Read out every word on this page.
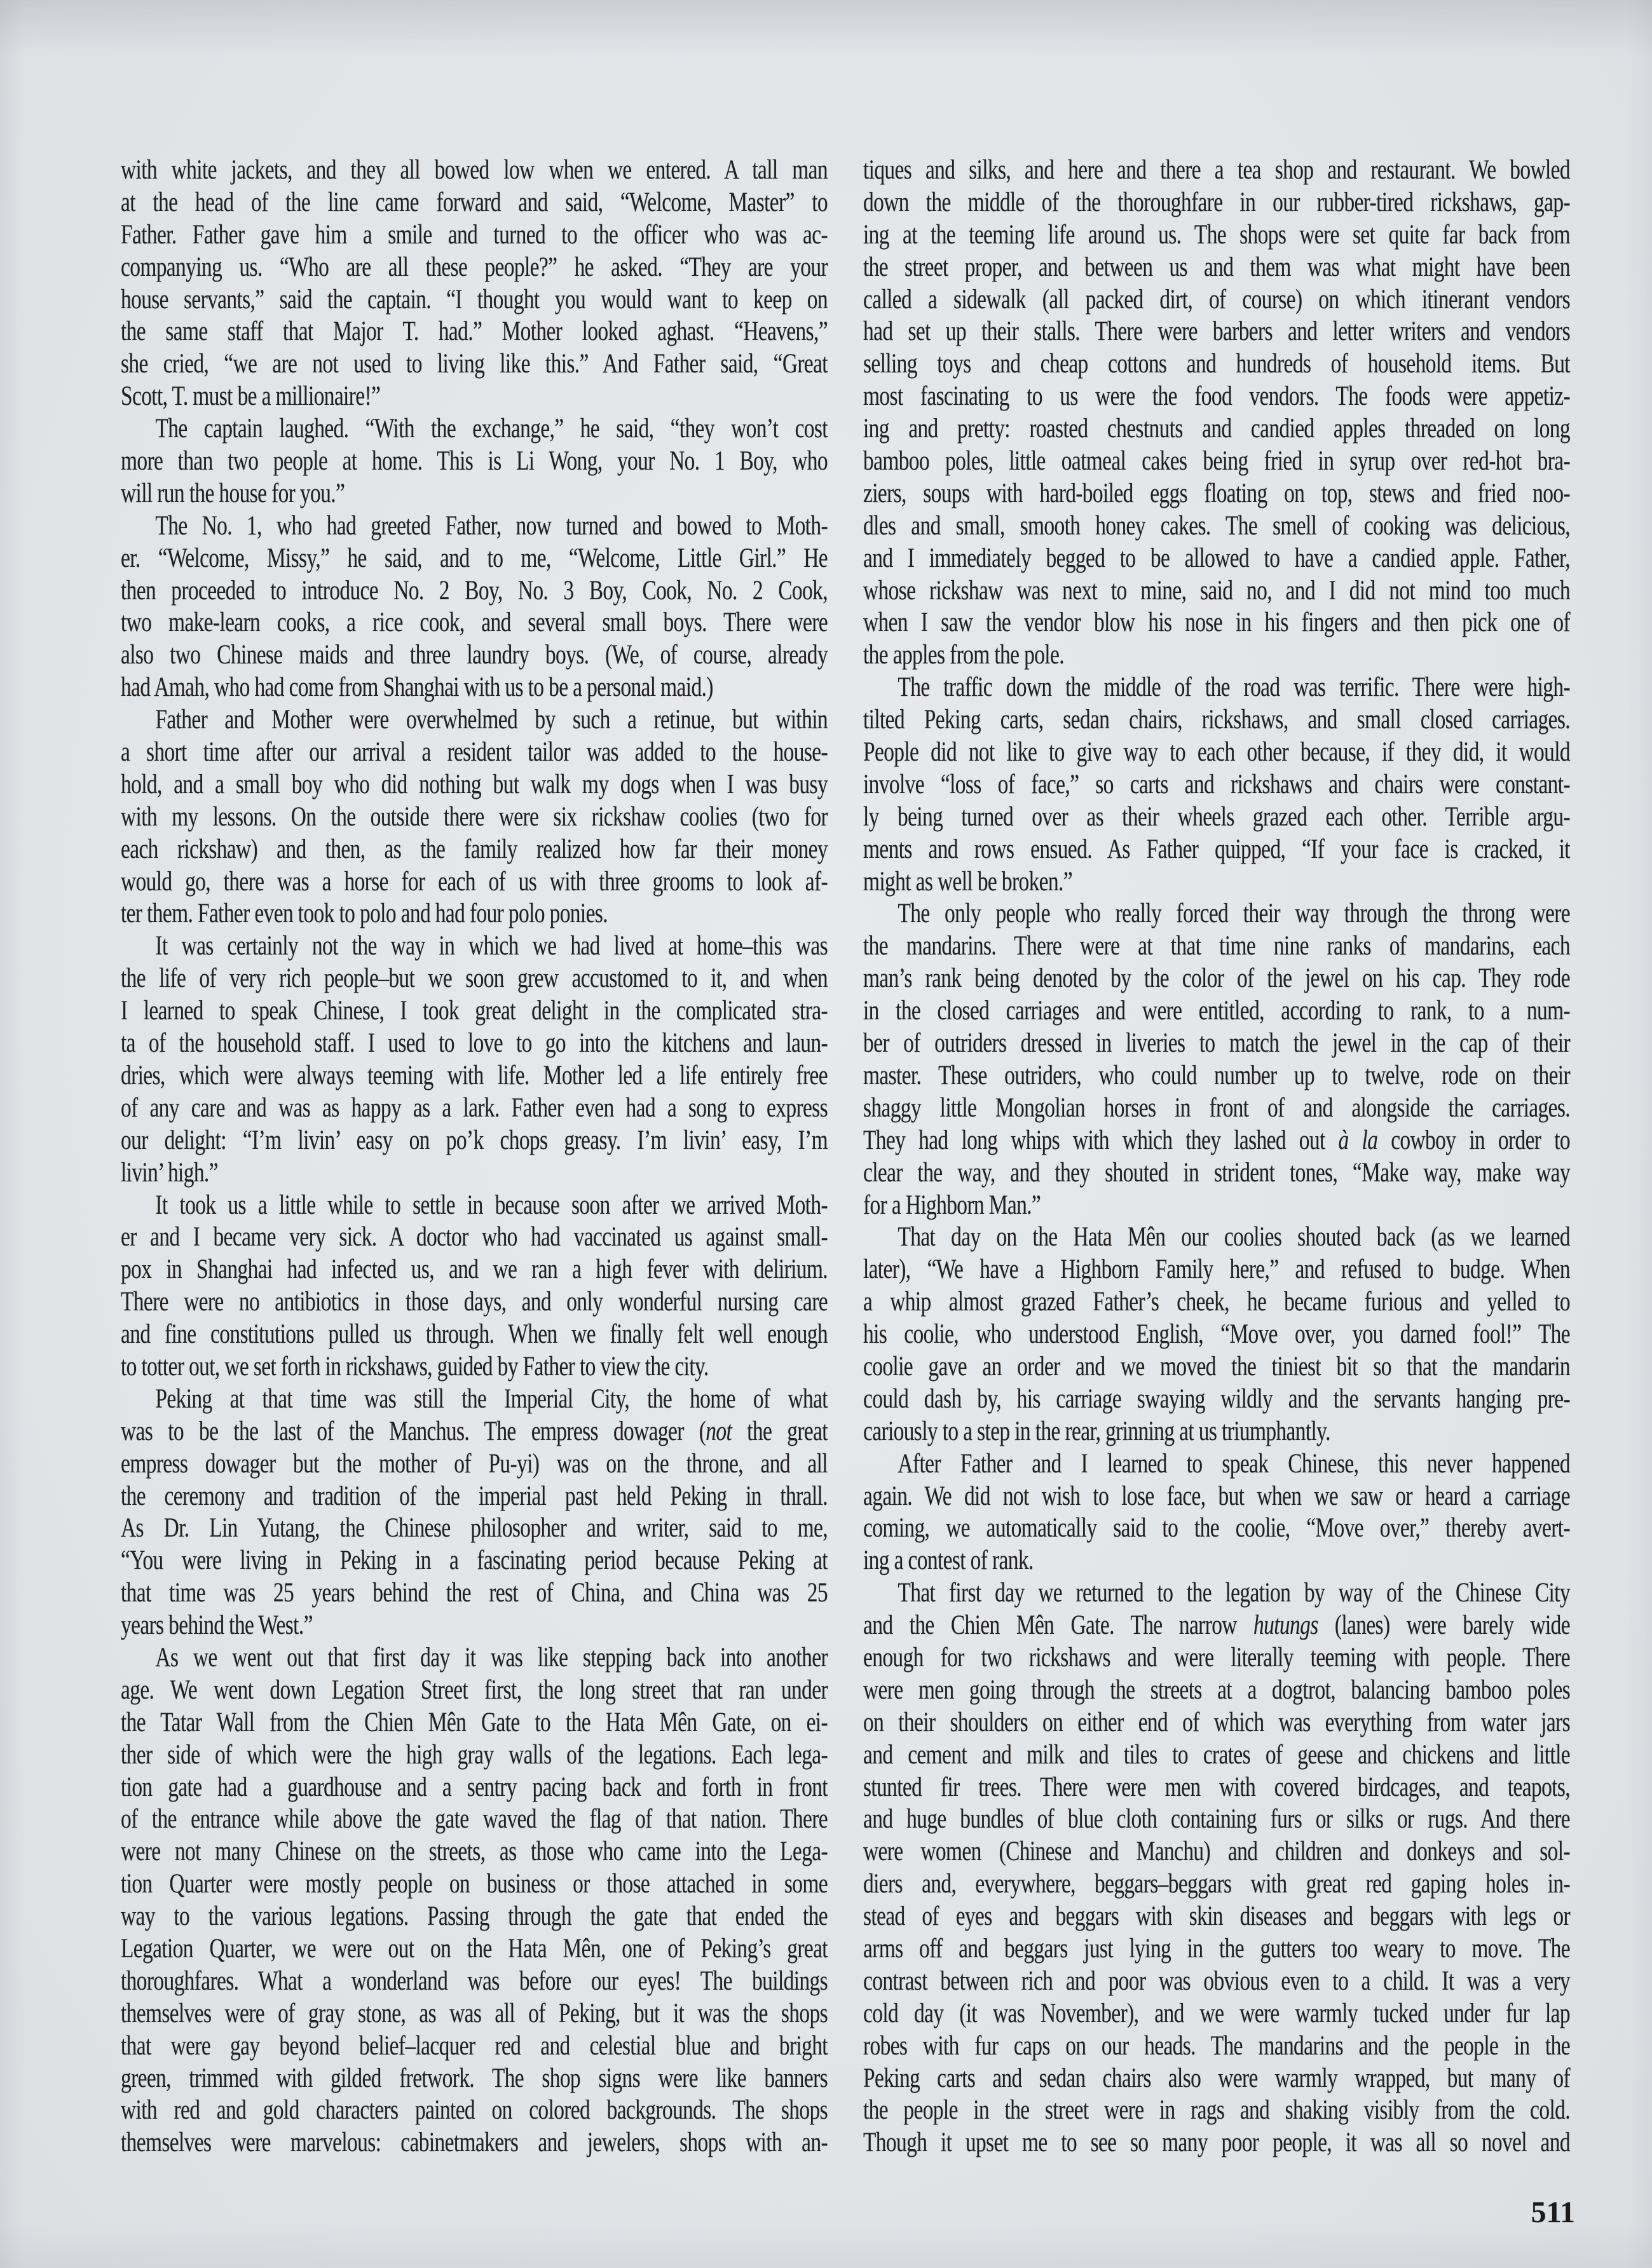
with white jackets, and they all bowed low when we entered. A tall man
at the head of the line came forward and said, “Welcome, Master” to
Father. Father gave him a smile and turned to the officer who was ac-
companying us. “Who are all these people?” he asked. “They are your
house servants,” said the captain. “I thought you would want to keep on
the same staff that Major T. had.” Mother looked aghast. “Heavens,”
she cried, “we are not used to living like this.” And Father said, “Great
Scott, T. must be a millionaire!”
The captain laughed. “With the exchange,” he said, “they won’t cost
more than two people at home. This is Li Wong, your No. 1 Boy, who
will run the house for you.”
The No. 1, who had greeted Father, now turned and bowed to Moth-
er. “Welcome, Missy,” he said, and to me, “Welcome, Little Girl.” He
then proceeded to introduce No. 2 Boy, No. 3 Boy, Cook, No. 2 Cook,
two make-learn cooks, a rice cook, and several small boys. There were
also two Chinese maids and three laundry boys. (We, of course, already
had Amah, who had come from Shanghai with us to be a personal maid.)
Father and Mother were overwhelmed by such a retinue, but within
a short time after our arrival a resident tailor was added to the house-
hold, and a small boy who did nothing but walk my dogs when I was busy
with my lessons. On the outside there were six rickshaw coolies (two for
each rickshaw) and then, as the family realized how far their money
would go, there was a horse for each of us with three grooms to look af-
ter them. Father even took to polo and had four polo ponies.
It was certainly not the way in which we had lived at home–this was
the life of very rich people–but we soon grew accustomed to it, and when
I learned to speak Chinese, I took great delight in the complicated stra-
ta of the household staff. I used to love to go into the kitchens and laun-
dries, which were always teeming with life. Mother led a life entirely free
of any care and was as happy as a lark. Father even had a song to express
our delight: “I’m livin’ easy on po’k chops greasy. I’m livin’ easy, I’m
livin’ high.”
It took us a little while to settle in because soon after we arrived Moth-
er and I became very sick. A doctor who had vaccinated us against small-
pox in Shanghai had infected us, and we ran a high fever with delirium.
There were no antibiotics in those days, and only wonderful nursing care
and fine constitutions pulled us through. When we finally felt well enough
to totter out, we set forth in rickshaws, guided by Father to view the city.
Peking at that time was still the Imperial City, the home of what
was to be the last of the Manchus. The empress dowager (not the great
empress dowager but the mother of Pu-yi) was on the throne, and all
the ceremony and tradition of the imperial past held Peking in thrall.
As Dr. Lin Yutang, the Chinese philosopher and writer, said to me,
“You were living in Peking in a fascinating period because Peking at
that time was 25 years behind the rest of China, and China was 25
years behind the West.”
As we went out that first day it was like stepping back into another
age. We went down Legation Street first, the long street that ran under
the Tatar Wall from the Chien Mên Gate to the Hata Mên Gate, on ei-
ther side of which were the high gray walls of the legations. Each lega-
tion gate had a guardhouse and a sentry pacing back and forth in front
of the entrance while above the gate waved the flag of that nation. There
were not many Chinese on the streets, as those who came into the Lega-
tion Quarter were mostly people on business or those attached in some
way to the various legations. Passing through the gate that ended the
Legation Quarter, we were out on the Hata Mên, one of Peking’s great
thoroughfares. What a wonderland was before our eyes! The buildings
themselves were of gray stone, as was all of Peking, but it was the shops
that were gay beyond belief–lacquer red and celestial blue and bright
green, trimmed with gilded fretwork. The shop signs were like banners
with red and gold characters painted on colored backgrounds. The shops
themselves were marvelous: cabinetmakers and jewelers, shops with an-
tiques and silks, and here and there a tea shop and restaurant. We bowled
down the middle of the thoroughfare in our rubber-tired rickshaws, gap-
ing at the teeming life around us. The shops were set quite far back from
the street proper, and between us and them was what might have been
called a sidewalk (all packed dirt, of course) on which itinerant vendors
had set up their stalls. There were barbers and letter writers and vendors
selling toys and cheap cottons and hundreds of household items. But
most fascinating to us were the food vendors. The foods were appetiz-
ing and pretty: roasted chestnuts and candied apples threaded on long
bamboo poles, little oatmeal cakes being fried in syrup over red-hot bra-
ziers, soups with hard-boiled eggs floating on top, stews and fried noo-
dles and small, smooth honey cakes. The smell of cooking was delicious,
and I immediately begged to be allowed to have a candied apple. Father,
whose rickshaw was next to mine, said no, and I did not mind too much
when I saw the vendor blow his nose in his fingers and then pick one of
the apples from the pole.
The traffic down the middle of the road was terrific. There were high-
tilted Peking carts, sedan chairs, rickshaws, and small closed carriages.
People did not like to give way to each other because, if they did, it would
involve “loss of face,” so carts and rickshaws and chairs were constant-
ly being turned over as their wheels grazed each other. Terrible argu-
ments and rows ensued. As Father quipped, “If your face is cracked, it
might as well be broken.”
The only people who really forced their way through the throng were
the mandarins. There were at that time nine ranks of mandarins, each
man’s rank being denoted by the color of the jewel on his cap. They rode
in the closed carriages and were entitled, according to rank, to a num-
ber of outriders dressed in liveries to match the jewel in the cap of their
master. These outriders, who could number up to twelve, rode on their
shaggy little Mongolian horses in front of and alongside the carriages.
They had long whips with which they lashed out à la cowboy in order to
clear the way, and they shouted in strident tones, “Make way, make way
for a Highborn Man.”
That day on the Hata Mên our coolies shouted back (as we learned
later), “We have a Highborn Family here,” and refused to budge. When
a whip almost grazed Father’s cheek, he became furious and yelled to
his coolie, who understood English, “Move over, you darned fool!” The
coolie gave an order and we moved the tiniest bit so that the mandarin
could dash by, his carriage swaying wildly and the servants hanging pre-
cariously to a step in the rear, grinning at us triumphantly.
After Father and I learned to speak Chinese, this never happened
again. We did not wish to lose face, but when we saw or heard a carriage
coming, we automatically said to the coolie, “Move over,” thereby avert-
ing a contest of rank.
That first day we returned to the legation by way of the Chinese City
and the Chien Mên Gate. The narrow hutungs (lanes) were barely wide
enough for two rickshaws and were literally teeming with people. There
were men going through the streets at a dogtrot, balancing bamboo poles
on their shoulders on either end of which was everything from water jars
and cement and milk and tiles to crates of geese and chickens and little
stunted fir trees. There were men with covered birdcages, and teapots,
and huge bundles of blue cloth containing furs or silks or rugs. And there
were women (Chinese and Manchu) and children and donkeys and sol-
diers and, everywhere, beggars–beggars with great red gaping holes in-
stead of eyes and beggars with skin diseases and beggars with legs or
arms off and beggars just lying in the gutters too weary to move. The
contrast between rich and poor was obvious even to a child. It was a very
cold day (it was November), and we were warmly tucked under fur lap
robes with fur caps on our heads. The mandarins and the people in the
Peking carts and sedan chairs also were warmly wrapped, but many of
the people in the street were in rags and shaking visibly from the cold.
Though it upset me to see so many poor people, it was all so novel and
511
